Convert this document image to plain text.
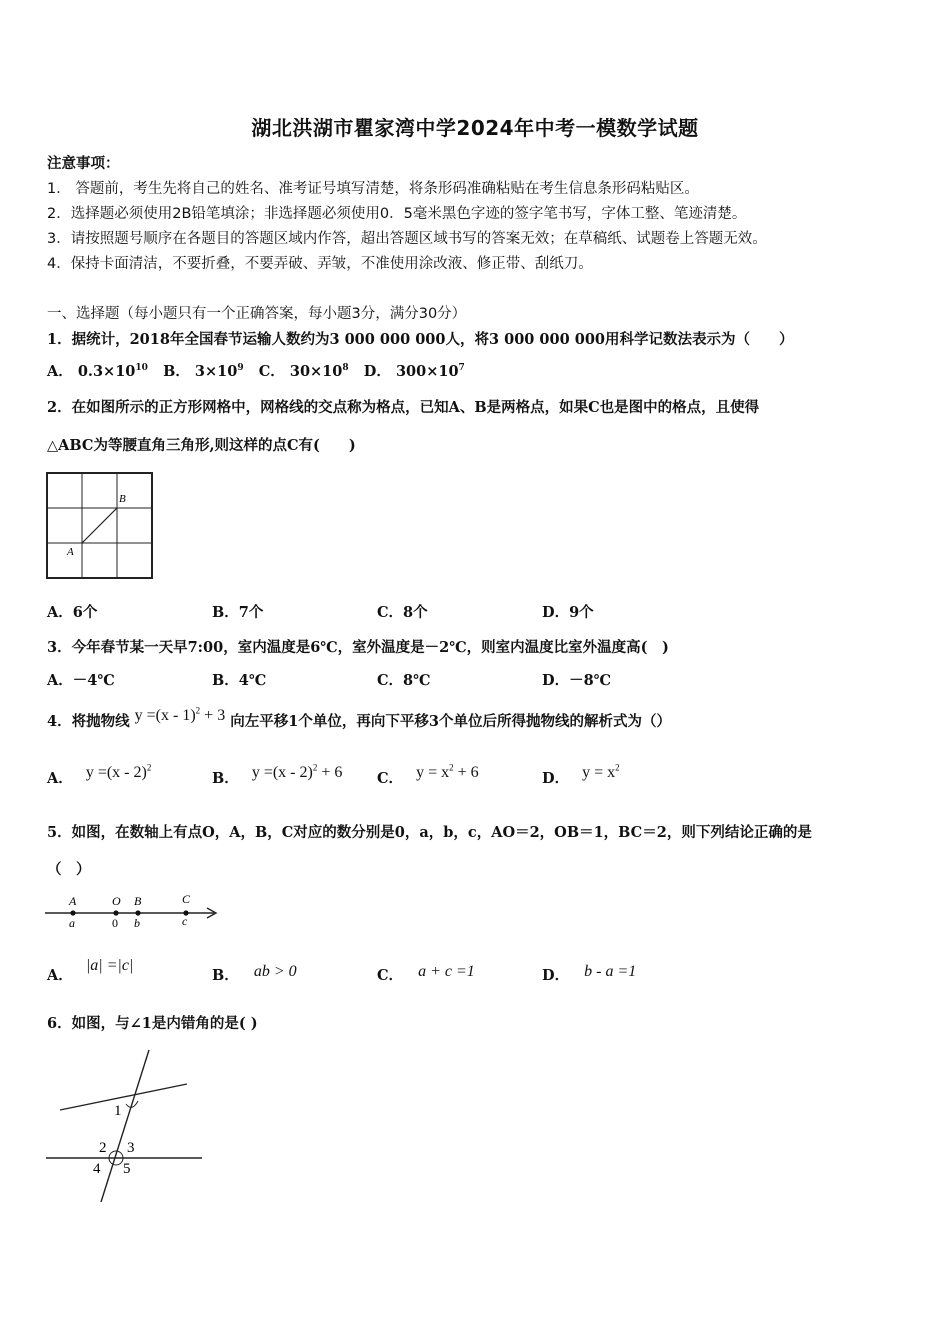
湖北洪湖市瞿家湾中学2024年中考一模数学试题
注意事项：
1． 答题前，考生先将自己的姓名、准考证号填写清楚，将条形码准确粘贴在考生信息条形码粘贴区。
2．选择题必须使用2B铅笔填涂；非选择题必须使用0．5毫米黑色字迹的签字笔书写，字体工整、笔迹清楚。
3．请按照题号顺序在各题目的答题区域内作答，超出答题区域书写的答案无效；在草稿纸、试题卷上答题无效。
4．保持卡面清洁，不要折叠，不要弄破、弄皱，不准使用涂改液、修正带、刮纸刀。
一、选择题（每小题只有一个正确答案，每小题3分，满分30分）
1．据统计，2018年全国春节运输人数约为3 000 000 000人，将3 000 000 000用科学记数法表示为（　　）
A． $0.3\times 10^{10}$ B． $3\times 10^9$ C． $30\times 10^8$ D． $300\times 10^7$
2．在如图所示的正方形网格中，网格线的交点称为格点，已知A、B是两格点，如果C也是图中的格点，且使得
△ABC为等腰直角三角形,则这样的点C有(　　)
A
B
A．6个	B．7个	C．8个	D．9个
3．今年春节某一天早7:00，室内温度是6℃，室外温度是－2℃，则室内温度比室外温度高(　)
A．－4℃	B．4℃	C．8℃	D．－8℃
4．将抛物线 y =(x - 1)$^2$ + 3 向左平移1个单位，再向下平移3个单位后所得抛物线的解析式为（）
A． y =(x - 2)$^2$
B． y =(x - 2)$^2$ + 6 C． $y = x^2 + 6$	D． $y = x^2$
5．如图，在数轴上有点O，A，B，C对应的数分别是0，a，b，c，AO＝2，OB＝1，BC＝2，则下列结论正确的是
（　）
A
a
O
0
B
b
C
c
A． |a| =|c|
B． ab > 0	C． a + c =1	D． b - a =1
6．如图，与∠1是内错角的是( )
1
2 3
4 5
